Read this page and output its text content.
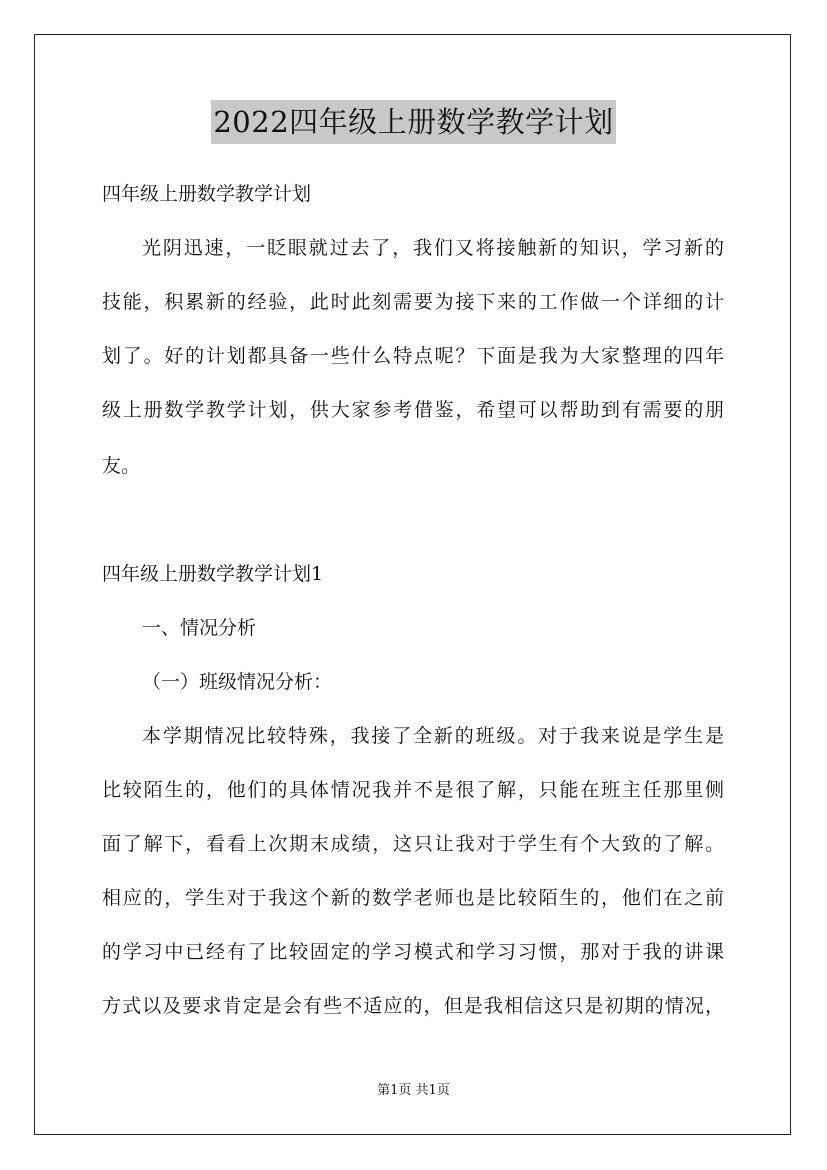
2022四年级上册数学教学计划

四年级上册数学教学计划

光阴迅速，一眨眼就过去了，我们又将接触新的知识，学习新的

技能，积累新的经验，此时此刻需要为接下来的工作做一个详细的计

划了。好的计划都具备一些什么特点呢？下面是我为大家整理的四年

级上册数学教学计划，供大家参考借鉴，希望可以帮助到有需要的朋

友。

四年级上册数学教学计划1

一、情况分析

（一）班级情况分析：

本学期情况比较特殊，我接了全新的班级。对于我来说是学生是

比较陌生的，他们的具体情况我并不是很了解，只能在班主任那里侧

面了解下，看看上次期末成绩，这只让我对于学生有个大致的了解。

相应的，学生对于我这个新的数学老师也是比较陌生的，他们在之前

的学习中已经有了比较固定的学习模式和学习习惯，那对于我的讲课

方式以及要求肯定是会有些不适应的，但是我相信这只是初期的情况，

第1页 共1页
